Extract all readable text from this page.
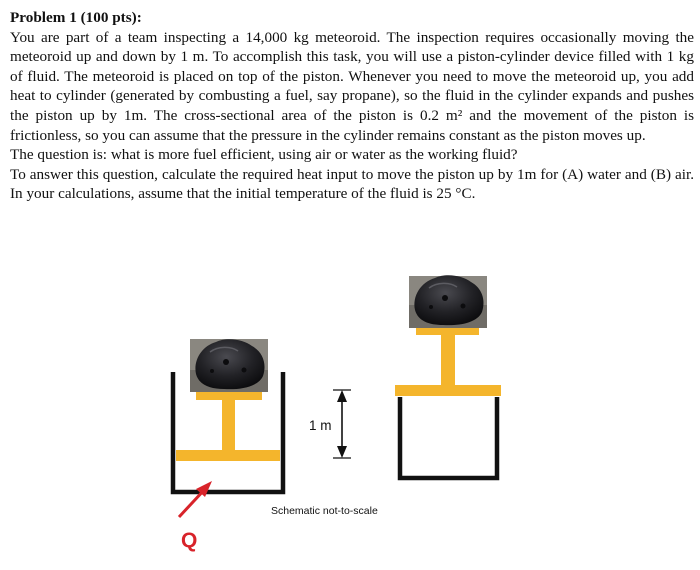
Problem 1 (100 pts):
You are part of a team inspecting a 14,000 kg meteoroid. The inspection requires occasionally moving the meteoroid up and down by 1 m. To accomplish this task, you will use a piston-cylinder device filled with 1 kg of fluid. The meteoroid is placed on top of the piston. Whenever you need to move the meteoroid up, you add heat to cylinder (generated by combusting a fuel, say propane), so the fluid in the cylinder expands and pushes the piston up by 1m. The cross-sectional area of the piston is 0.2 m² and the movement of the piston is frictionless, so you can assume that the pressure in the cylinder remains constant as the piston moves up.
The question is: what is more fuel efficient, using air or water as the working fluid?
To answer this question, calculate the required heat input to move the piston up by 1m for (A) water and (B) air. In your calculations, assume that the initial temperature of the fluid is 25 °C.
Q
1 m
Schematic not-to-scale
